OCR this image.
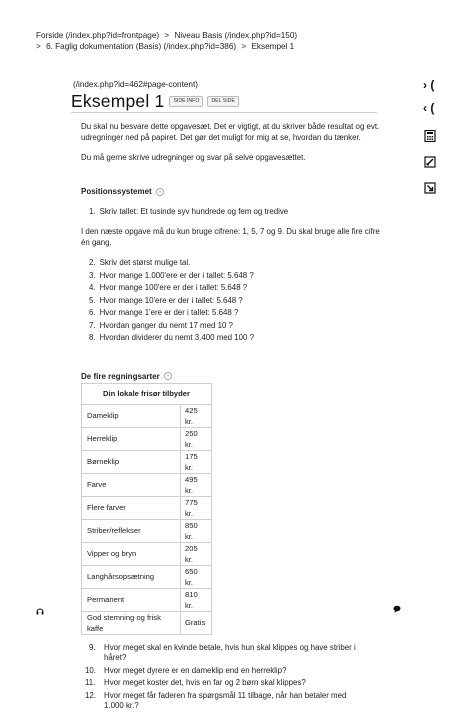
Forside (/index.php?id=frontpage) > Niveau Basis (/index.php?id=150)
> 6. Faglig dokumentation (Basis) (/index.php?id=386) > Eksempel 1
(/index.php?id=462#page-content)
Eksempel 1	SIDE INFO	DEL SIDE

Du skal nu besvare dette opgavesæt. Det er vigtigt, at du skriver både resultat og evt. udregninger ned på papiret. Det gør det muligt for mig at se, hvordan du tænker.

Du må gerne skrive udregninger og svar på selve opgavesættet.

Positionssystemet	»
1. Skriv tallet: Et tusinde syv hundrede og fem og tredive

I den næste opgave må du kun bruge cifrene: 1, 5, 7 og 9. Du skal bruge alle fire cifre én gang.

2. Skriv det størst mulige tal.
3. Hvor mange 1.000'ere er der i tallet: 5.648 ?
4. Hvor mange 100'ere er der i tallet: 5.648 ?
5. Hvor mange 10'ere er der i tallet: 5.648 ?
6. Hvor mange 1'ere er der i tallet: 5.648 ?
7. Hvordan ganger du nemt 17 med 10 ?
8. Hvordan dividerer du nemt 3.400 med 100 ?
De fire regningsarter	»
Din lokale frisør tilbyder	
Dameklip	425 kr.
Herreklip	250 kr.
Børneklip	175 kr.
Farve	495 kr.
Flere farver	775 kr.
Striber/reflekser	850 kr.
Vipper og bryn	205 kr.
Langhårsopsætning	650 kr.
Permanent	810 kr.
God stemning og frisk kaffe	Gratis
9.	Hvor meget skal en kvinde betale, hvis hun skal klippes og have striber i håret?
10.	Hvor meget dyrere er en dameklip end en herreklip?
11.	Hvor meget koster det, hvis en far og 2 børn skal klippes?
12.	Hvor meget får faderen fra spørgsmål 11 tilbage, når han betaler med 1.000 kr.?
› (
‹ (
